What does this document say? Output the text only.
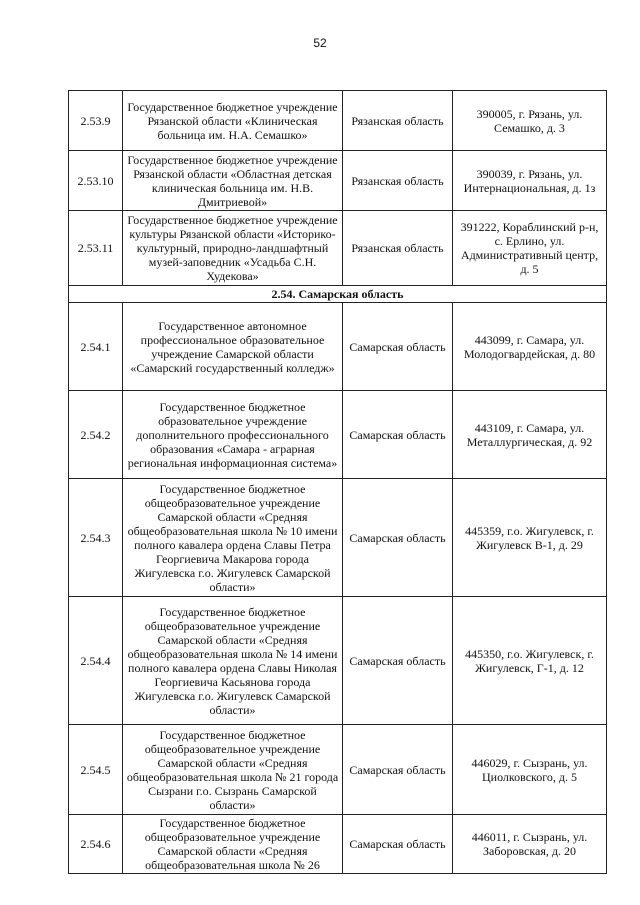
52
2.53.9	Государственное бюджетное учреждение Рязанской области «Клиническая больница им. Н.А. Семашко»	Рязанская область	390005, г. Рязань, ул. Семашко, д. 3
2.53.10	Государственное бюджетное учреждение Рязанской области «Областная детская клиническая больница им. Н.В. Дмитриевой»	Рязанская область	390039, г. Рязань, ул. Интернациональная, д. 1з
2.53.11	Государственное бюджетное учреждение культуры Рязанской области «Историко-культурный, природно-ландшафтный музей-заповедник «Усадьба С.Н. Худекова»	Рязанская область	391222, Кораблинский р-н, с. Ерлино, ул. Административный центр, д. 5
2.54. Самарская область			
2.54.1	Государственное автономное профессиональное образовательное учреждение Самарской области «Самарский государственный колледж»	Самарская область	443099, г. Самара, ул. Молодогвардейская, д. 80
2.54.2	Государственное бюджетное образовательное учреждение дополнительного профессионального образования «Самара - аграрная региональная информационная система»	Самарская область	443109, г. Самара, ул. Металлургическая, д. 92
2.54.3	Государственное бюджетное общеобразовательное учреждение Самарской области «Средняя общеобразовательная школа № 10 имени полного кавалера ордена Славы Петра Георгиевича Макарова города Жигулевска г.о. Жигулевск Самарской области»	Самарская область	445359, г.о. Жигулевск, г. Жигулевск В-1, д. 29
2.54.4	Государственное бюджетное общеобразовательное учреждение Самарской области «Средняя общеобразовательная школа № 14 имени полного кавалера ордена Славы Николая Георгиевича Касьянова города Жигулевска г.о. Жигулевск Самарской области»	Самарская область	445350, г.о. Жигулевск, г. Жигулевск, Г-1, д. 12
2.54.5	Государственное бюджетное общеобразовательное учреждение Самарской области «Средняя общеобразовательная школа № 21 города Сызрани г.о. Сызрань Самарской области»	Самарская область	446029, г. Сызрань, ул. Циолковского, д. 5
2.54.6	Государственное бюджетное общеобразовательное учреждение Самарской области «Средняя общеобразовательная школа № 26	Самарская область	446011, г. Сызрань, ул. Заборовская, д. 20
